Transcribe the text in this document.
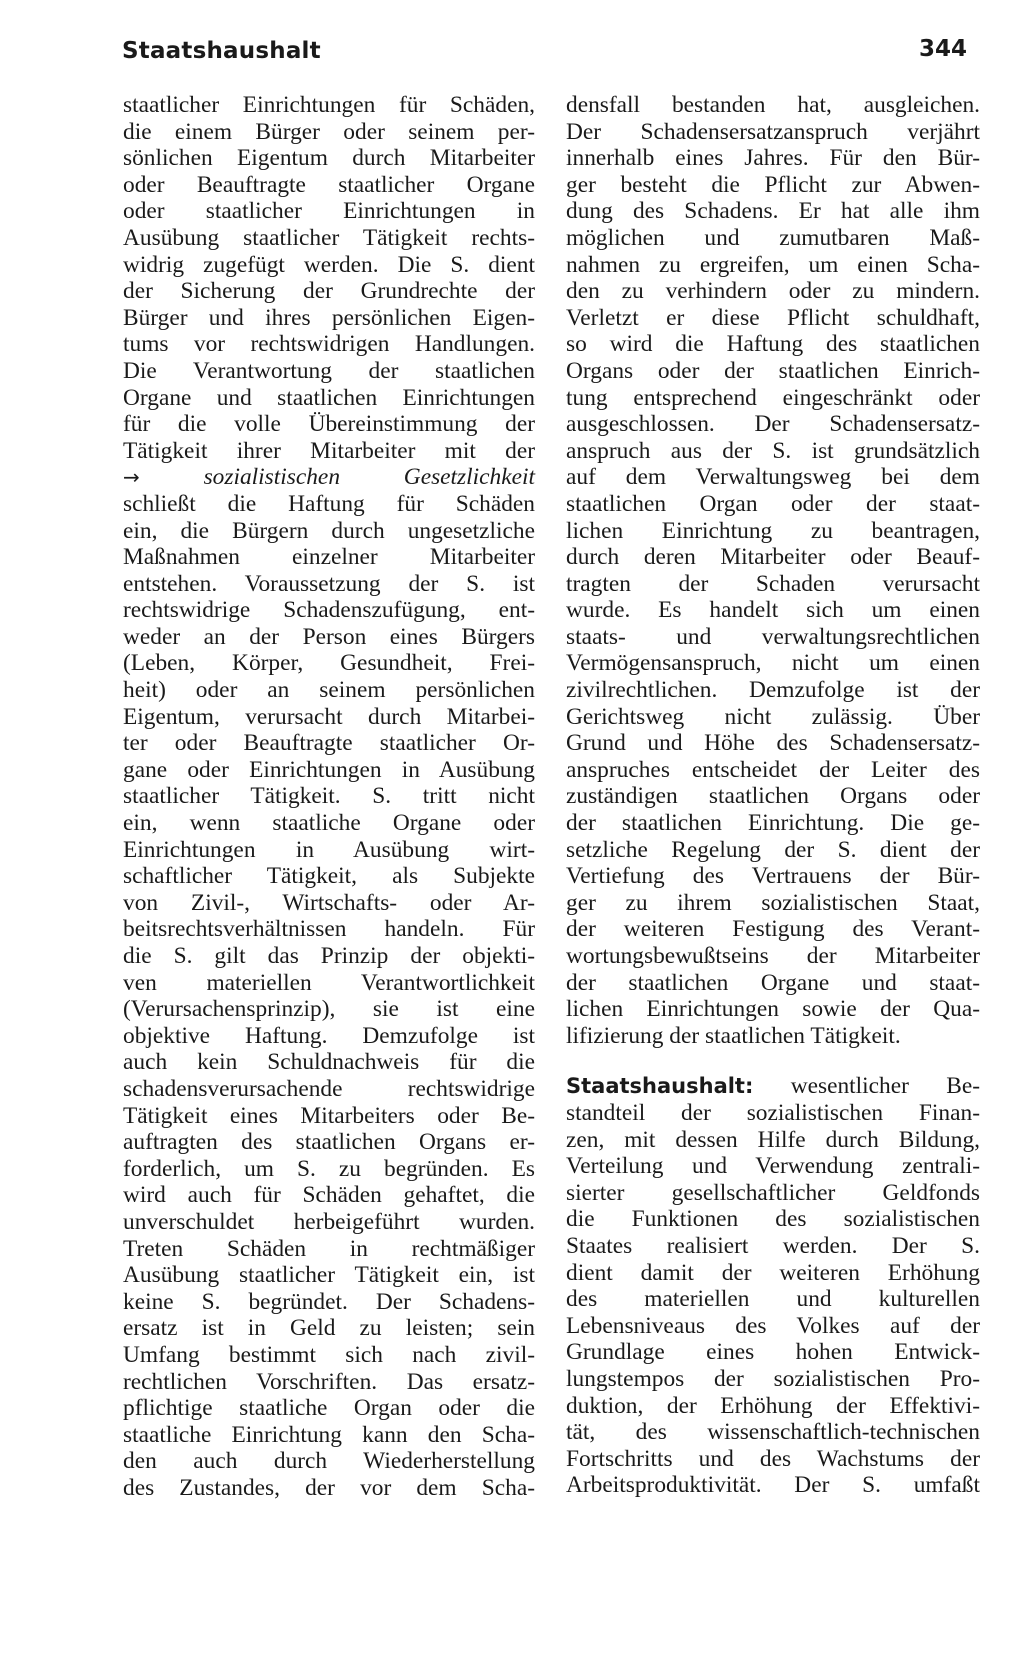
Staatshaushalt	344
staatlicher Einrichtungen für Schäden,
die einem Bürger oder seinem per-
sönlichen Eigentum durch Mitarbeiter
oder Beauftragte staatlicher Organe
oder staatlicher Einrichtungen in
Ausübung staatlicher Tätigkeit rechts-
widrig zugefügt werden. Die S. dient
der Sicherung der Grundrechte der
Bürger und ihres persönlichen Eigen-
tums vor rechtswidrigen Handlungen.
Die Verantwortung der staatlichen
Organe und staatlichen Einrichtungen
für die volle Übereinstimmung der
Tätigkeit ihrer Mitarbeiter mit der
→	sozialistischen Gesetzlichkeit
schließt die Haftung für Schäden
ein, die Bürgern durch ungesetzliche
Maßnahmen einzelner Mitarbeiter
entstehen. Voraussetzung der S. ist
rechtswidrige Schadenszufügung, ent-
weder an der Person eines Bürgers
(Leben, Körper, Gesundheit, Frei-
heit) oder an seinem persönlichen
Eigentum, verursacht durch Mitarbei-
ter oder Beauftragte staatlicher Or-
gane oder Einrichtungen in Ausübung
staatlicher Tätigkeit. S. tritt nicht
ein, wenn staatliche Organe oder
Einrichtungen in Ausübung wirt-
schaftlicher Tätigkeit, als Subjekte
von Zivil-, Wirtschafts- oder Ar-
beitsrechtsverhältnissen handeln. Für
die S. gilt das Prinzip der objekti-
ven materiellen Verantwortlichkeit
(Verursachensprinzip), sie ist eine
objektive Haftung. Demzufolge ist
auch kein Schuldnachweis für die
schadensverursachende rechtswidrige
Tätigkeit eines Mitarbeiters oder Be-
auftragten des staatlichen Organs er-
forderlich, um S. zu begründen. Es
wird auch für Schäden gehaftet, die
unverschuldet herbeigeführt wurden.
Treten Schäden in rechtmäßiger
Ausübung staatlicher Tätigkeit ein, ist
keine S. begründet. Der Schadens-
ersatz ist in Geld zu leisten; sein
Umfang bestimmt sich nach zivil-
rechtlichen Vorschriften. Das ersatz-
pflichtige staatliche Organ oder die
staatliche Einrichtung kann den Scha-
den auch durch Wiederherstellung
des Zustandes, der vor dem Scha-
densfall bestanden hat, ausgleichen.
Der Schadensersatzanspruch verjährt
innerhalb eines Jahres. Für den Bür-
ger besteht die Pflicht zur Abwen-
dung des Schadens. Er hat alle ihm
möglichen und zumutbaren Maß-
nahmen zu ergreifen, um einen Scha-
den zu verhindern oder zu mindern.
Verletzt er diese Pflicht schuldhaft,
so wird die Haftung des staatlichen
Organs oder der staatlichen Einrich-
tung entsprechend eingeschränkt oder
ausgeschlossen. Der Schadensersatz-
anspruch aus der S. ist grundsätzlich
auf dem Verwaltungsweg bei dem
staatlichen Organ oder der staat-
lichen Einrichtung zu beantragen,
durch deren Mitarbeiter oder Beauf-
tragten der Schaden verursacht
wurde. Es handelt sich um einen
staats- und verwaltungsrechtlichen
Vermögensanspruch, nicht um einen
zivilrechtlichen. Demzufolge ist der
Gerichtsweg nicht zulässig. Über
Grund und Höhe des Schadensersatz-
anspruches entscheidet der Leiter des
zuständigen staatlichen Organs oder
der staatlichen Einrichtung. Die ge-
setzliche Regelung der S. dient der
Vertiefung des Vertrauens der Bür-
ger zu ihrem sozialistischen Staat,
der weiteren Festigung des Verant-
wortungsbewußtseins der Mitarbeiter
der staatlichen Organe und staat-
lichen Einrichtungen sowie der Qua-
lifizierung der staatlichen Tätigkeit.
Staatshaushalt: wesentlicher Be-
standteil der sozialistischen Finan-
zen, mit dessen Hilfe durch Bildung,
Verteilung und Verwendung zentrali-
sierter gesellschaftlicher Geldfonds
die Funktionen des sozialistischen
Staates realisiert werden. Der S.
dient damit der weiteren Erhöhung
des materiellen und kulturellen
Lebensniveaus des Volkes auf der
Grundlage eines hohen Entwick-
lungstempos der sozialistischen Pro-
duktion, der Erhöhung der Effektivi-
tät, des wissenschaftlich-technischen
Fortschritts und des Wachstums der
Arbeitsproduktivität. Der S. umfaßt
